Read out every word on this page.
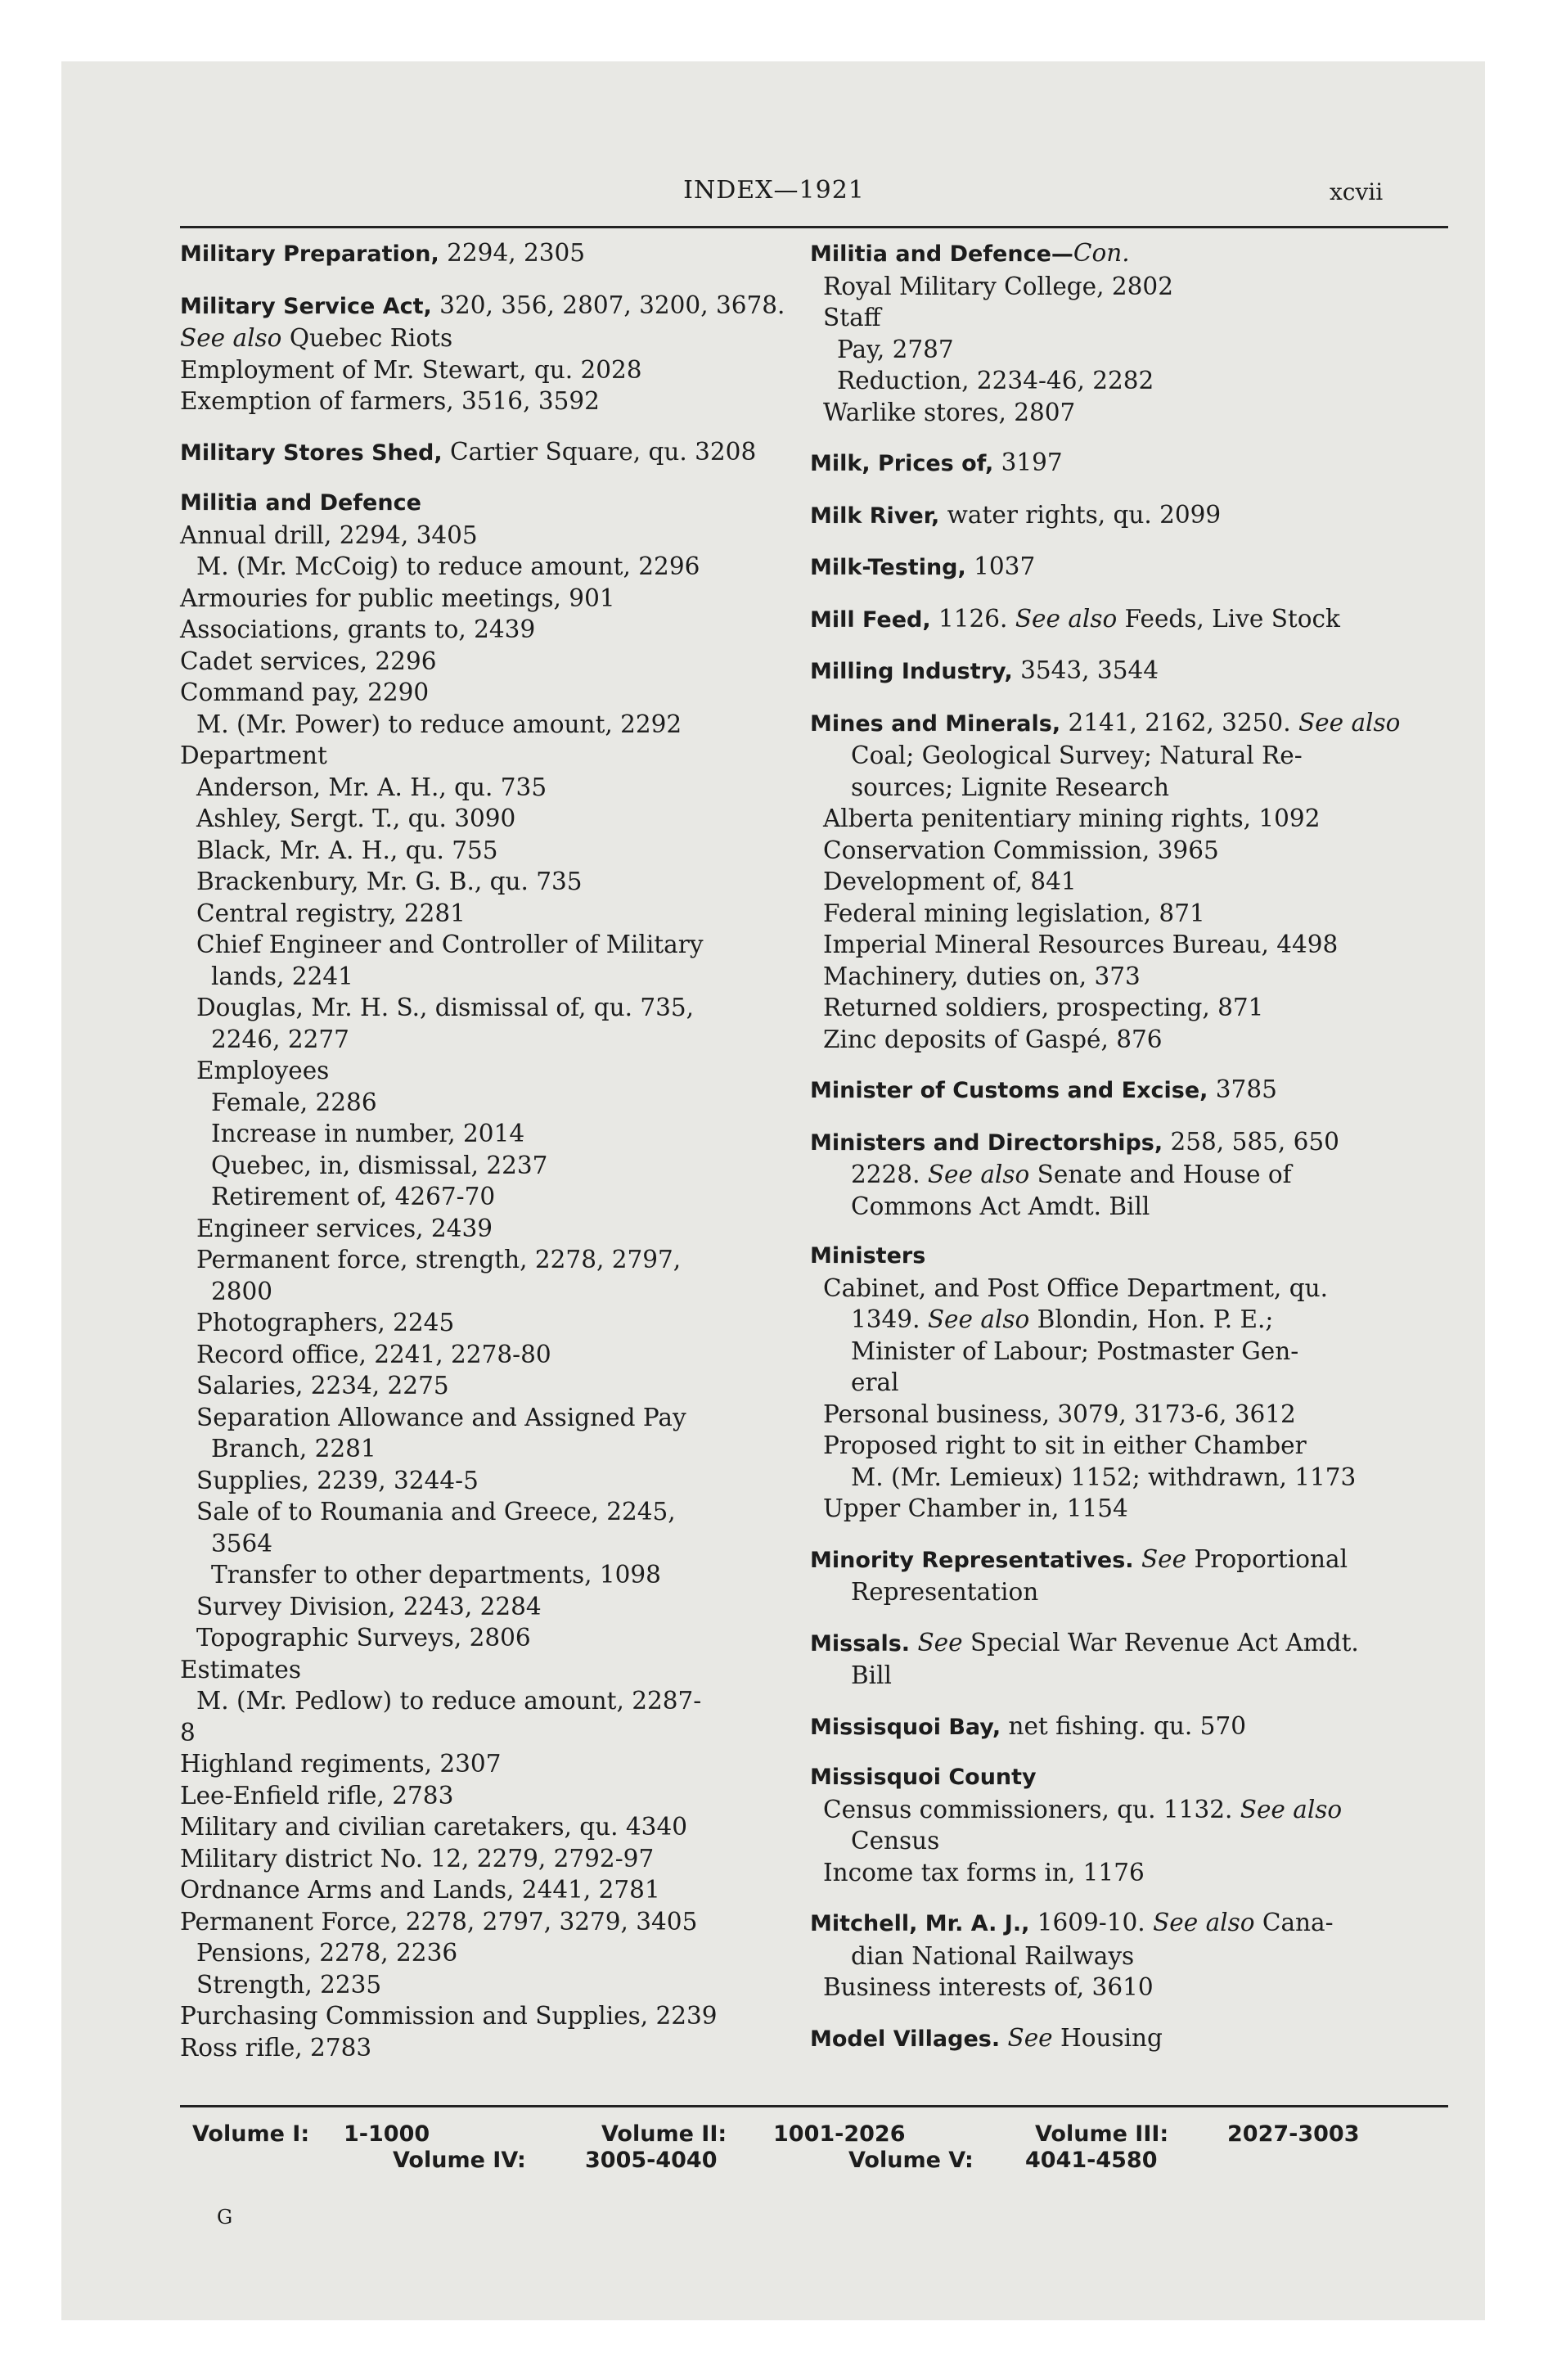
INDEX—1921	xcvii
Military Preparation, 2294, 2305
Military Service Act, 320, 356, 2807, 3200, 3678.
See also Quebec Riots
Employment of Mr. Stewart, qu. 2028
Exemption of farmers, 3516, 3592
Military Stores Shed, Cartier Square, qu. 3208
Militia and Defence
Annual drill, 2294, 3405
M. (Mr. McCoig) to reduce amount, 2296
Armouries for public meetings, 901
Associations, grants to, 2439
Cadet services, 2296
Command pay, 2290
M. (Mr. Power) to reduce amount, 2292
Department
Anderson, Mr. A. H., qu. 735
Ashley, Sergt. T., qu. 3090
Black, Mr. A. H., qu. 755
Brackenbury, Mr. G. B., qu. 735
Central registry, 2281
Chief Engineer and Controller of Military
lands, 2241
Douglas, Mr. H. S., dismissal of, qu. 735,
2246, 2277
Employees
Female, 2286
Increase in number, 2014
Quebec, in, dismissal, 2237
Retirement of, 4267-70
Engineer services, 2439
Permanent force, strength, 2278, 2797,
2800
Photographers, 2245
Record office, 2241, 2278-80
Salaries, 2234, 2275
Separation Allowance and Assigned Pay
Branch, 2281
Supplies, 2239, 3244-5
Sale of to Roumania and Greece, 2245,
3564
Transfer to other departments, 1098
Survey Division, 2243, 2284
Topographic Surveys, 2806
Estimates
M. (Mr. Pedlow) to reduce amount, 2287-
8
Highland regiments, 2307
Lee-Enfield rifle, 2783
Military and civilian caretakers, qu. 4340
Military district No. 12, 2279, 2792-97
Ordnance Arms and Lands, 2441, 2781
Permanent Force, 2278, 2797, 3279, 3405
Pensions, 2278, 2236
Strength, 2235
Purchasing Commission and Supplies, 2239
Ross rifle, 2783
Militia and Defence—Con.
Royal Military College, 2802
Staff
Pay, 2787
Reduction, 2234-46, 2282
Warlike stores, 2807
Milk, Prices of, 3197
Milk River, water rights, qu. 2099
Milk-Testing, 1037
Mill Feed, 1126. See also Feeds, Live Stock
Milling Industry, 3543, 3544
Mines and Minerals, 2141, 2162, 3250. See also
Coal; Geological Survey; Natural Re-
sources; Lignite Research
Alberta penitentiary mining rights, 1092
Conservation Commission, 3965
Development of, 841
Federal mining legislation, 871
Imperial Mineral Resources Bureau, 4498
Machinery, duties on, 373
Returned soldiers, prospecting, 871
Zinc deposits of Gaspé, 876
Minister of Customs and Excise, 3785
Ministers and Directorships, 258, 585, 650
2228. See also Senate and House of
Commons Act Amdt. Bill
Ministers
Cabinet, and Post Office Department, qu.
1349. See also Blondin, Hon. P. E.;
Minister of Labour; Postmaster Gen-
eral
Personal business, 3079, 3173-6, 3612
Proposed right to sit in either Chamber
M. (Mr. Lemieux) 1152; withdrawn, 1173
Upper Chamber in, 1154
Minority Representatives. See Proportional
Representation
Missals. See Special War Revenue Act Amdt.
Bill
Missisquoi Bay, net fishing. qu. 570
Missisquoi County
Census commissioners, qu. 1132. See also
Census
Income tax forms in, 1176
Mitchell, Mr. A. J., 1609-10. See also Cana-
dian National Railways
Business interests of, 3610
Model Villages. See Housing
Volume I: 1-1000	Volume II: 1001-2026	Volume III:	2027-3003
Volume IV:	3005-4040	Volume V: 4041-4580
G
